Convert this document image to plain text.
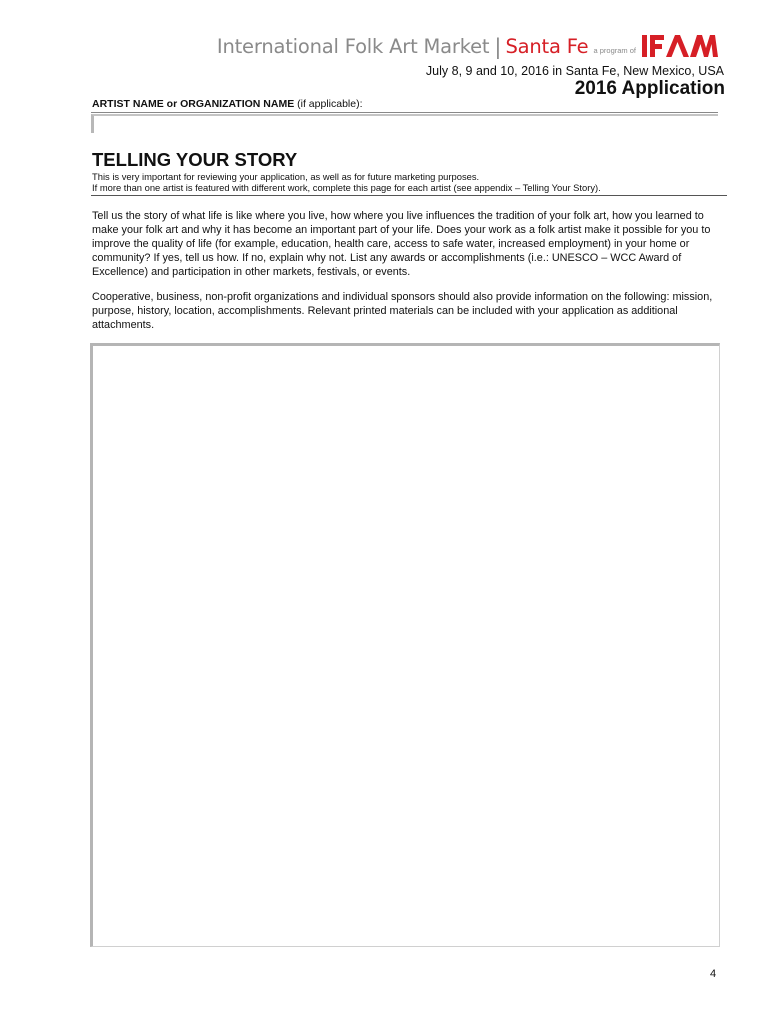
International Folk Art Market | Santa Fe a program of
July 8, 9 and 10, 2016 in Santa Fe, New Mexico, USA
2016 Application
ARTIST NAME or ORGANIZATION NAME (if applicable):
TELLING YOUR STORY
This is very important for reviewing your application, as well as for future marketing purposes.
If more than one artist is featured with different work, complete this page for each artist (see appendix – Telling Your Story).

Tell us the story of what life is like where you live, how where you live influences the tradition of your folk art, how you learned to make your folk art and why it has become an important part of your life. Does your work as a folk artist make it possible for you to improve the quality of life (for example, education, health care, access to safe water, increased employment) in your home or community? If yes, tell us how. If no, explain why not. List any awards or accomplishments (i.e.: UNESCO – WCC Award of Excellence) and participation in other markets, festivals, or events.

Cooperative, business, non-profit organizations and individual sponsors should also provide information on the following: mission, purpose, history, location, accomplishments. Relevant printed materials can be included with your application as additional attachments.

4
